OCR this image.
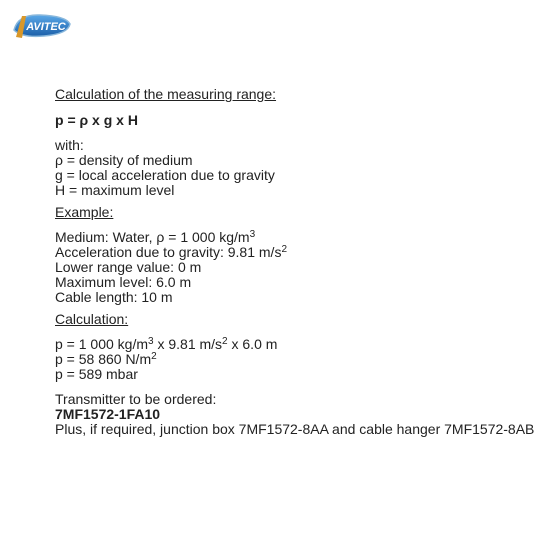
AVITEC
Calculation of the measuring range:
p = ρ x g x H
with:
ρ = density of medium
g = local acceleration due to gravity
H = maximum level
Example:
Medium: Water, ρ = 1 000 $kg/m^3$
Acceleration due to gravity: 9.81 $m/s^2$
Lower range value: 0 m
Maximum level: 6.0 m
Cable length: 10 m
Calculation:
p = 1 000 $kg/m^3$ x 9.81 $m/s^2$ x 6.0 m
p = 58 860 $N/m^2$
p = 589 mbar
Transmitter to be ordered:
7MF1572-1FA10
Plus, if required, junction box 7MF1572-8AA and cable hanger 7MF1572-8AB
